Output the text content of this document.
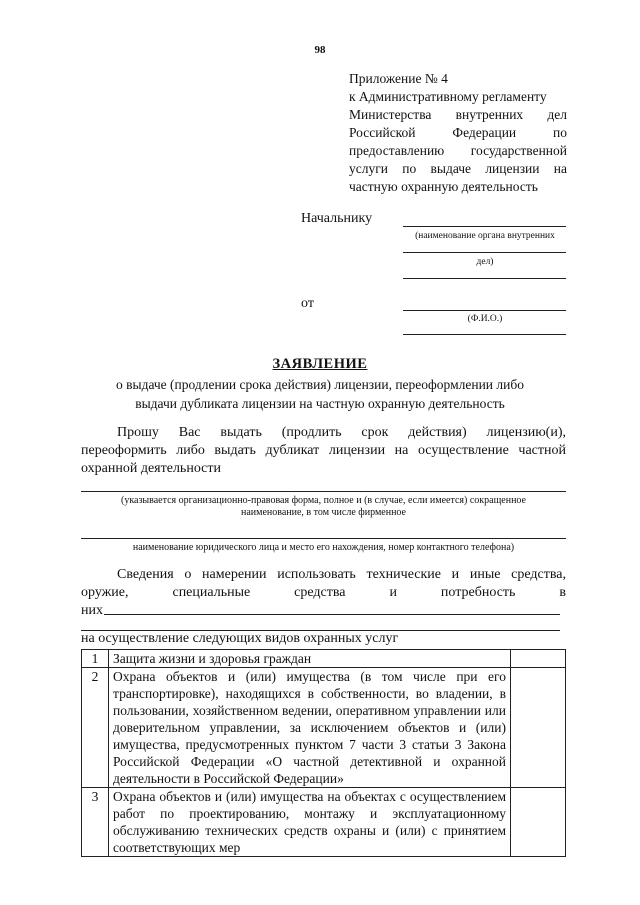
98
Приложение № 4
к Административному регламенту
Министерства внутренних дел
Российской Федерации по
предоставлению государственной
услуги по выдаче лицензии на
частную охранную деятельность
Начальнику
(наименование органа внутренних
дел)
от
(Ф.И.О.)
ЗАЯВЛЕНИЕ
о выдаче (продлении срока действия) лицензии, переоформлении либо
выдачи дубликата лицензии на частную охранную деятельность
Прошу Вас выдать (продлить срок действия) лицензию(и),
переоформить либо выдать дубликат лицензии на осуществление частной
охранной деятельности
(указывается организационно-правовая форма, полное и (в случае, если имеется) сокращенное
наименование, в том числе фирменное
наименование юридического лица и место его нахождения, номер контактного телефона)
Сведения о намерении использовать технические и иные средства,
оружие, специальные средства и потребность в
них
на осуществление следующих видов охранных услуг
1	Защита жизни и здоровья граждан	
2	Охрана объектов и (или) имущества (в том числе при его транспортировке), находящихся в собственности, во владении, в пользовании, хозяйственном ведении, оперативном управлении или доверительном управлении, за исключением объектов и (или) имущества, предусмотренных пунктом 7 части 3 статьи 3 Закона Российской Федерации «О частной детективной и охранной деятельности в Российской Федерации»	
3	Охрана объектов и (или) имущества на объектах с осуществлением работ по проектированию, монтажу и эксплуатационному обслуживанию технических средств охраны и (или) с принятием соответствующих мер	
